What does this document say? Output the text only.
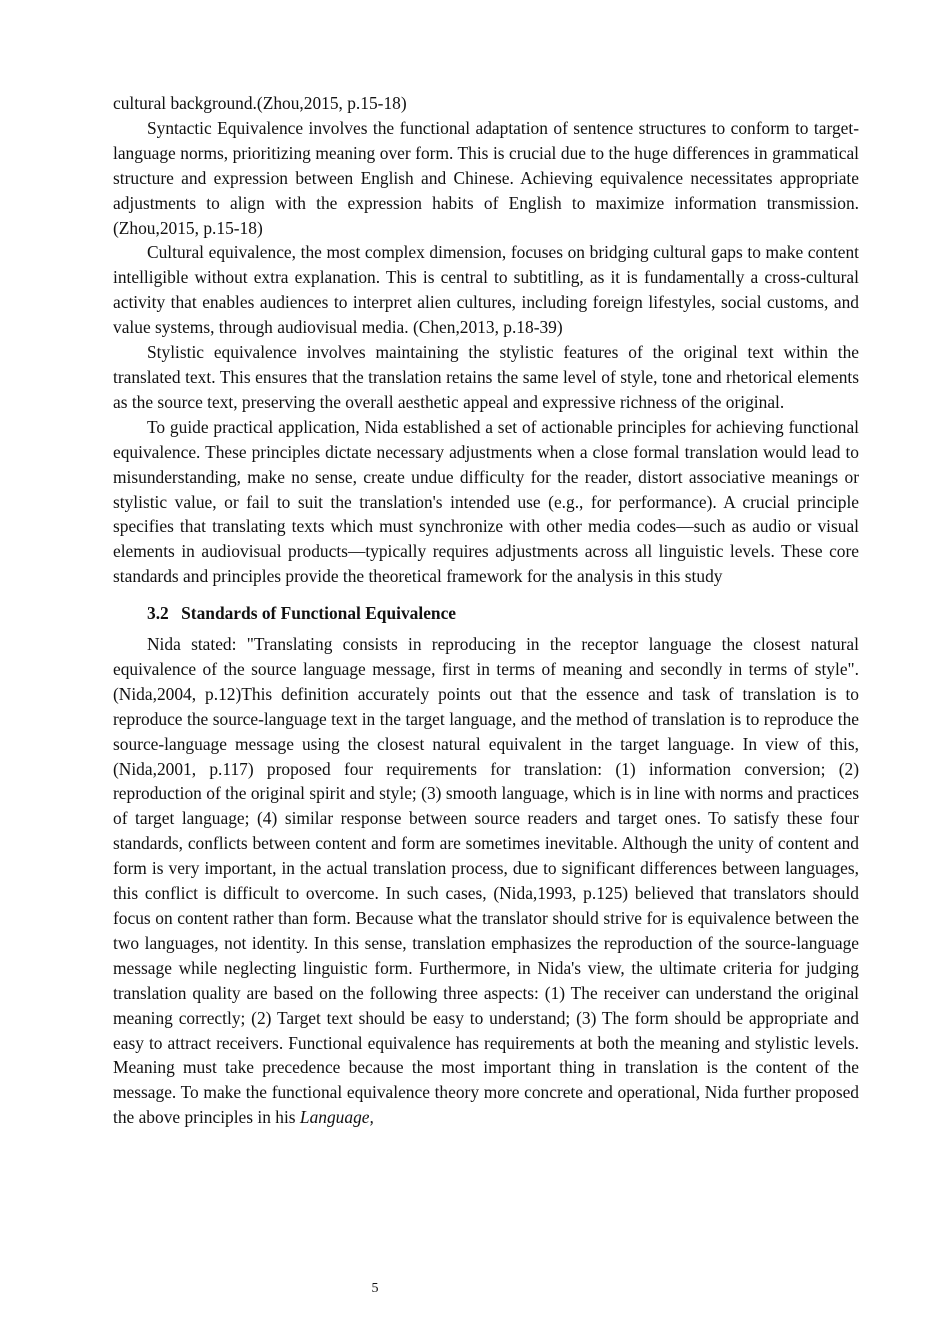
cultural background.(Zhou,2015, p.15-18)

Syntactic Equivalence involves the functional adaptation of sentence structures to conform to target-language norms, prioritizing meaning over form. This is crucial due to the huge differences in grammatical structure and expression between English and Chinese. Achieving equivalence necessitates appropriate adjustments to align with the expression habits of English to maximize information transmission.(Zhou,2015, p.15-18)

Cultural equivalence, the most complex dimension, focuses on bridging cultural gaps to make content intelligible without extra explanation. This is central to subtitling, as it is fundamentally a cross-cultural activity that enables audiences to interpret alien cultures, including foreign lifestyles, social customs, and value systems, through audiovisual media. (Chen,2013, p.18-39)

Stylistic equivalence involves maintaining the stylistic features of the original text within the translated text. This ensures that the translation retains the same level of style, tone and rhetorical elements as the source text, preserving the overall aesthetic appeal and expressive richness of the original.

To guide practical application, Nida established a set of actionable principles for achieving functional equivalence. These principles dictate necessary adjustments when a close formal translation would lead to misunderstanding, make no sense, create undue difficulty for the reader, distort associative meanings or stylistic value, or fail to suit the translation's intended use (e.g., for performance). A crucial principle specifies that translating texts which must synchronize with other media codes—such as audio or visual elements in audiovisual products—typically requires adjustments across all linguistic levels. These core standards and principles provide the theoretical framework for the analysis in this study

3.2 Standards of Functional Equivalence

Nida stated: "Translating consists in reproducing in the receptor language the closest natural equivalence of the source language message, first in terms of meaning and secondly in terms of style". (Nida,2004, p.12)This definition accurately points out that the essence and task of translation is to reproduce the source-language text in the target language, and the method of translation is to reproduce the source-language message using the closest natural equivalent in the target language. In view of this, (Nida,2001, p.117) proposed four requirements for translation: (1) information conversion; (2) reproduction of the original spirit and style; (3) smooth language, which is in line with norms and practices of target language; (4) similar response between source readers and target ones. To satisfy these four standards, conflicts between content and form are sometimes inevitable. Although the unity of content and form is very important, in the actual translation process, due to significant differences between languages, this conflict is difficult to overcome. In such cases, (Nida,1993, p.125) believed that translators should focus on content rather than form. Because what the translator should strive for is equivalence between the two languages, not identity. In this sense, translation emphasizes the reproduction of the source-language message while neglecting linguistic form. Furthermore, in Nida's view, the ultimate criteria for judging translation quality are based on the following three aspects: (1) The receiver can understand the original meaning correctly; (2) Target text should be easy to understand; (3) The form should be appropriate and easy to attract receivers. Functional equivalence has requirements at both the meaning and stylistic levels. Meaning must take precedence because the most important thing in translation is the content of the message. To make the functional equivalence theory more concrete and operational, Nida further proposed the above principles in his Language,

5
